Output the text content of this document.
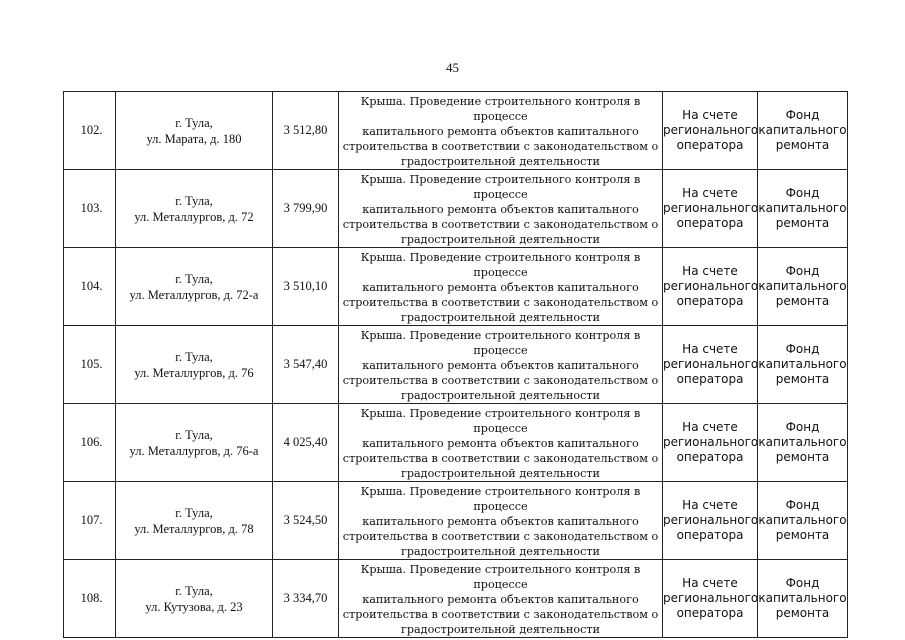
45
102.	г. Тула,
ул. Марата, д. 180	3 512,80	Крыша. Проведение строительного контроля в процессе
капитального ремонта объектов капитального
строительства в соответствии с законодательством о
градостроительной деятельности	На счете
регионального
оператора	Фонд
капитального
ремонта

103.	г. Тула,
ул. Металлургов, д. 72	3 799,90	Крыша. Проведение строительного контроля в процессе
капитального ремонта объектов капитального
строительства в соответствии с законодательством о
градостроительной деятельности	На счете
регионального
оператора	Фонд
капитального
ремонта

104.	г. Тула,
ул. Металлургов, д. 72-а	3 510,10	Крыша. Проведение строительного контроля в процессе
капитального ремонта объектов капитального
строительства в соответствии с законодательством о
градостроительной деятельности	На счете
регионального
оператора	Фонд
капитального
ремонта

105.	г. Тула,
ул. Металлургов, д. 76	3 547,40	Крыша. Проведение строительного контроля в процессе
капитального ремонта объектов капитального
строительства в соответствии с законодательством о
градостроительной деятельности	На счете
регионального
оператора	Фонд
капитального
ремонта

106.	г. Тула,
ул. Металлургов, д. 76-а	4 025,40	Крыша. Проведение строительного контроля в процессе
капитального ремонта объектов капитального
строительства в соответствии с законодательством о
градостроительной деятельности	На счете
регионального
оператора	Фонд
капитального
ремонта

107.	г. Тула,
ул. Металлургов, д. 78	3 524,50	Крыша. Проведение строительного контроля в процессе
капитального ремонта объектов капитального
строительства в соответствии с законодательством о
градостроительной деятельности	На счете
регионального
оператора	Фонд
капитального
ремонта

108.	г. Тула,
ул. Кутузова, д. 23	3 334,70	Крыша. Проведение строительного контроля в процессе
капитального ремонта объектов капитального
строительства в соответствии с законодательством о
градостроительной деятельности	На счете
регионального
оператора	Фонд
капитального
ремонта
